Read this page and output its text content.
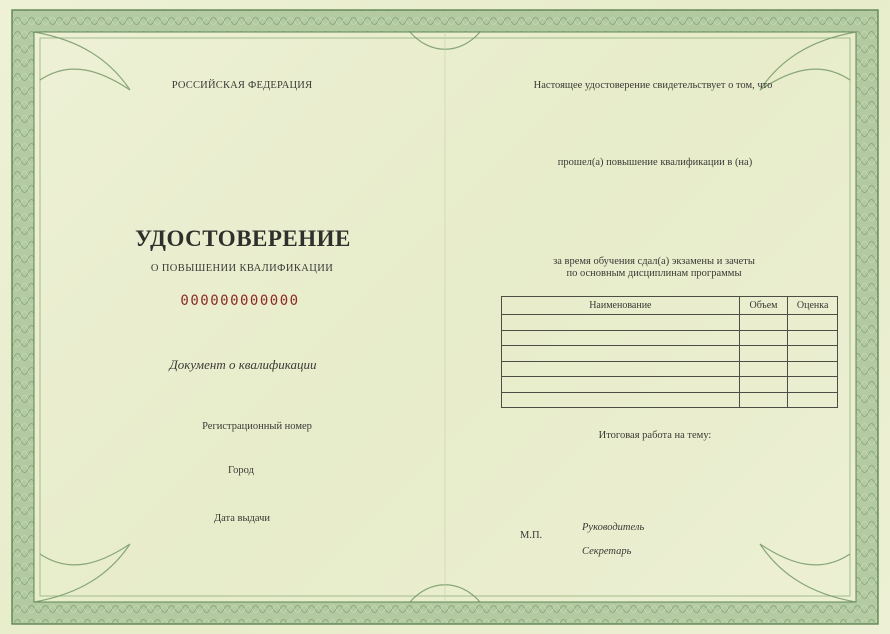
РОССИЙСКАЯ ФЕДЕРАЦИЯ
УДОСТОВЕРЕНИЕ
О ПОВЫШЕНИИ КВАЛИФИКАЦИИ
000000000000
Документ о квалификации
Регистрационный номер
Город
Дата выдачи
Настоящее удостоверение свидетельствует о том, что
прошел(а) повышение квалификации в (на)
за время обучения сдал(а) экзамены и зачеты
по основным дисциплинам программы
Наименование	Объем	Оценка

Итоговая работа на тему:
М.П.
Руководитель
Секретарь
